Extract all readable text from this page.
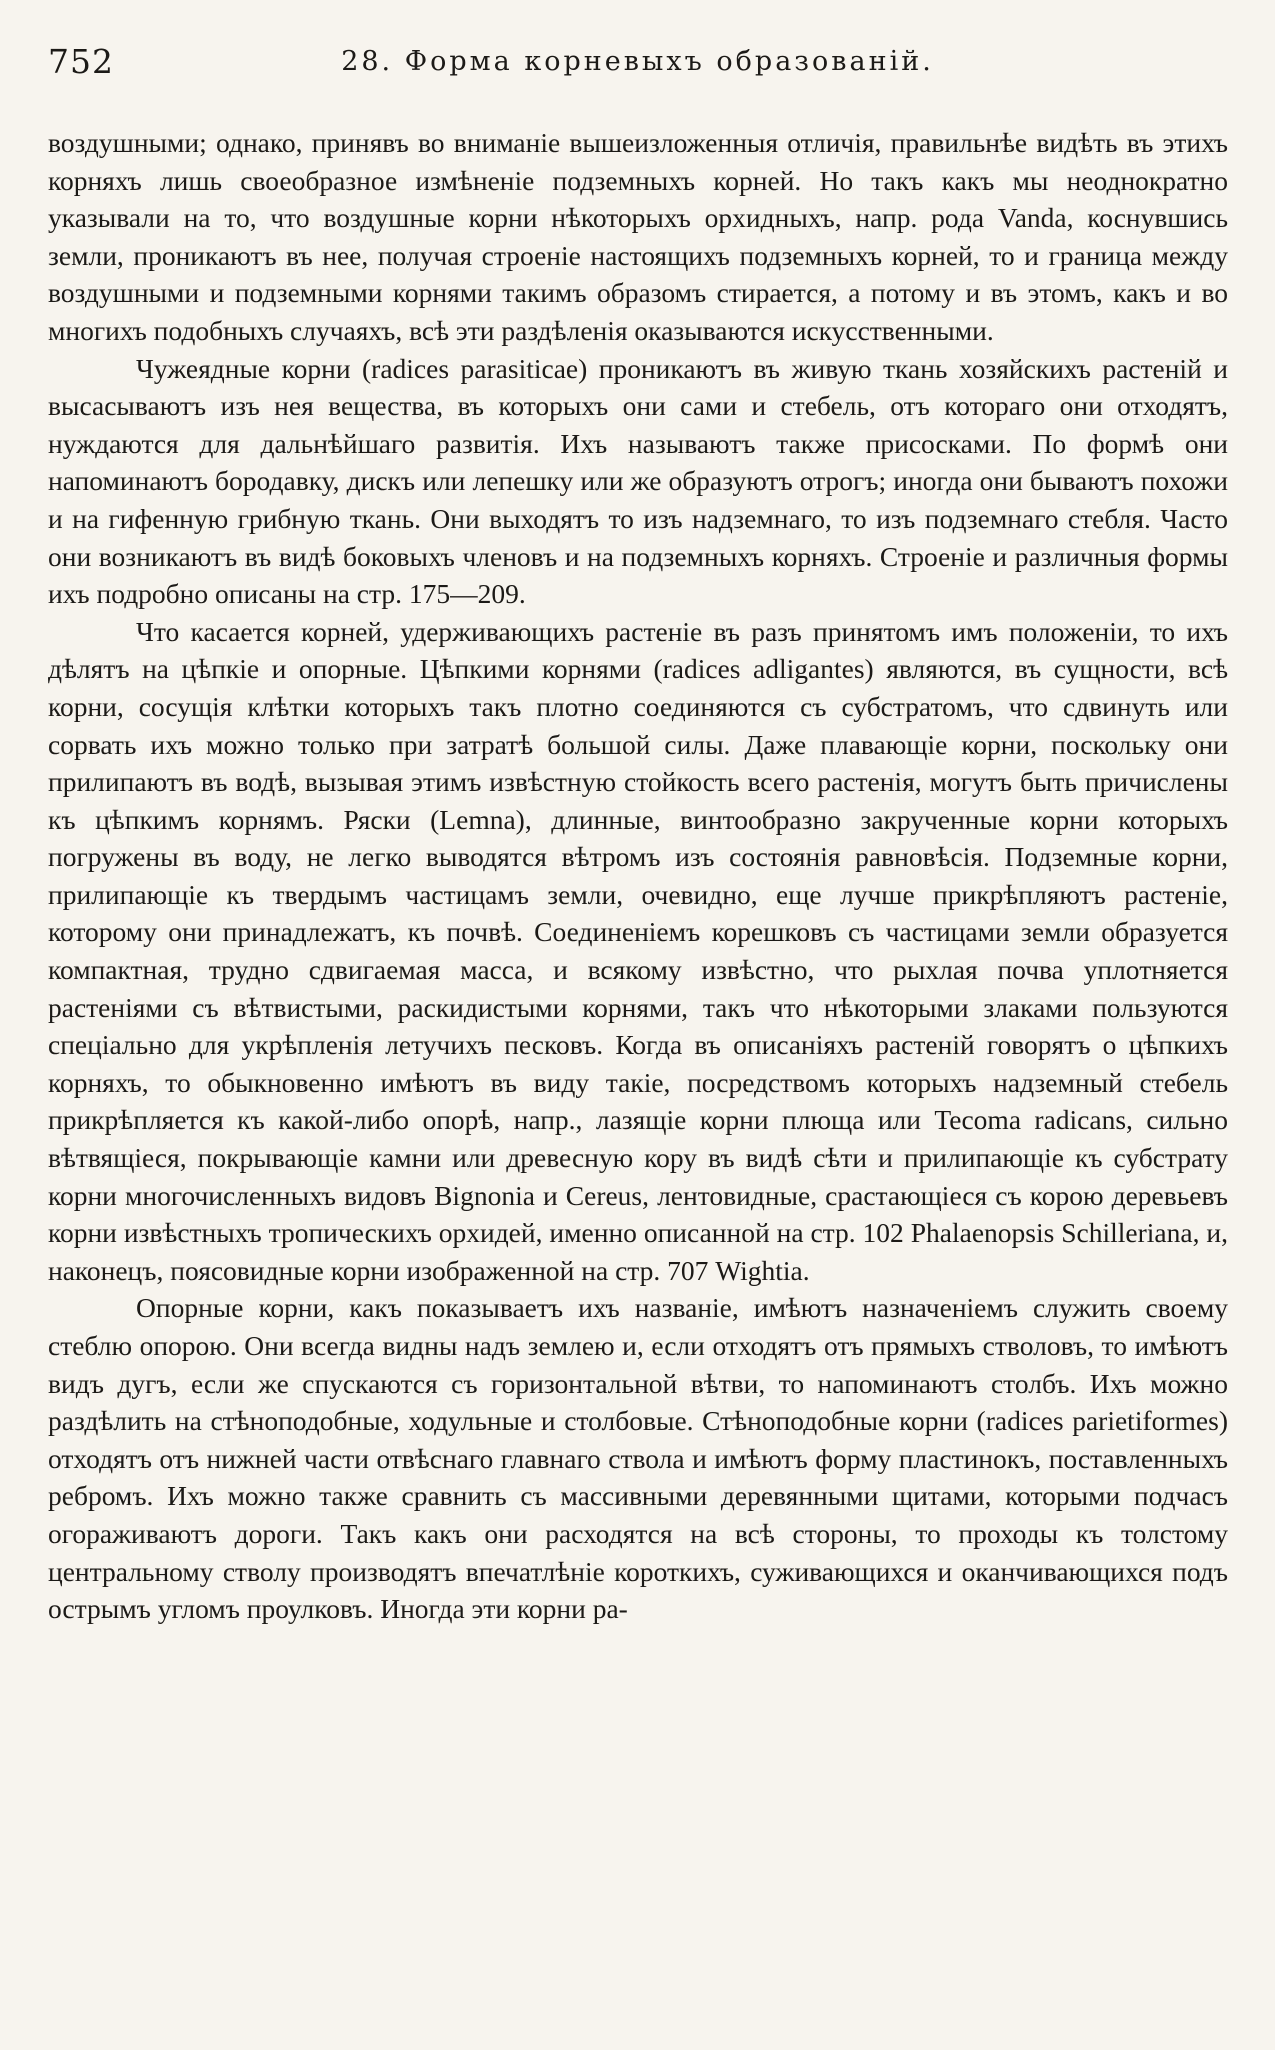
752	28. Форма корневыхъ образованій.

воздушными; однако, принявъ во вниманіе вышеизложенныя отличія, правильнѣе видѣть въ этихъ корняхъ лишь своеобразное измѣненіе подземныхъ корней. Но такъ какъ мы неоднократно указывали на то, что воздушные корни нѣкоторыхъ орхидныхъ, напр. рода Vanda, коснувшись земли, проникаютъ въ нее, получая строеніе настоящихъ подземныхъ корней, то и граница между воздушными и подземными корнями такимъ образомъ стирается, а потому и въ этомъ, какъ и во многихъ подобныхъ случаяхъ, всѣ эти раздѣленія оказываются искусственными.

Чужеядные корни (radices parasiticae) проникаютъ въ живую ткань хозяйскихъ растеній и высасываютъ изъ нея вещества, въ которыхъ они сами и стебель, отъ котораго они отходятъ, нуждаются для дальнѣйшаго развитія. Ихъ называютъ также присосками. По формѣ они напоминаютъ бородавку, дискъ или лепешку или же образуютъ отрогъ; иногда они бываютъ похожи и на гифенную грибную ткань. Они выходятъ то изъ надземнаго, то изъ подземнаго стебля. Часто они возникаютъ въ видѣ боковыхъ членовъ и на подземныхъ корняхъ. Строеніе и различныя формы ихъ подробно описаны на стр. 175—209.

Что касается корней, удерживающихъ растеніе въ разъ принятомъ имъ положеніи, то ихъ дѣлятъ на цѣпкіе и опорные. Цѣпкими корнями (radices adligantes) являются, въ сущности, всѣ корни, сосущія клѣтки которыхъ такъ плотно соединяются съ субстратомъ, что сдвинуть или сорвать ихъ можно только при затратѣ большой силы. Даже плавающіе корни, поскольку они прилипаютъ въ водѣ, вызывая этимъ извѣстную стойкость всего растенія, могутъ быть причислены къ цѣпкимъ корнямъ. Ряски (Lemna), длинные, винтообразно закрученные корни которыхъ погружены въ воду, не легко выводятся вѣтромъ изъ состоянія равновѣсія. Подземные корни, прилипающіе къ твердымъ частицамъ земли, очевидно, еще лучше прикрѣпляютъ растеніе, которому они принадлежатъ, къ почвѣ. Соединеніемъ корешковъ съ частицами земли образуется компактная, трудно сдвигаемая масса, и всякому извѣстно, что рыхлая почва уплотняется растеніями съ вѣтвистыми, раскидистыми корнями, такъ что нѣкоторыми злаками пользуются спеціально для укрѣпленія летучихъ песковъ. Когда въ описаніяхъ растеній говорятъ о цѣпкихъ корняхъ, то обыкновенно имѣютъ въ виду такіе, посредствомъ которыхъ надземный стебель прикрѣпляется къ какой-либо опорѣ, напр., лазящіе корни плюща или Tecoma radicans, сильно вѣтвящіеся, покрывающіе камни или древесную кору въ видѣ сѣти и прилипающіе къ субстрату корни многочисленныхъ видовъ Bignonia и Cereus, лентовидные, срастающіеся съ корою деревьевъ корни извѣстныхъ тропическихъ орхидей, именно описанной на стр. 102 Phalaenopsis Schilleriana, и, наконецъ, поясовидные корни изображенной на стр. 707 Wightia.

Опорные корни, какъ показываетъ ихъ названіе, имѣютъ назначеніемъ служить своему стеблю опорою. Они всегда видны надъ землею и, если отходятъ отъ прямыхъ стволовъ, то имѣютъ видъ дугъ, если же спускаются съ горизонтальной вѣтви, то напоминаютъ столбъ. Ихъ можно раздѣлить на стѣноподобные, ходульные и столбовые. Стѣноподобные корни (radices parietiformes) отходятъ отъ нижней части отвѣснаго главнаго ствола и имѣютъ форму пластинокъ, поставленныхъ ребромъ. Ихъ можно также сравнить съ массивными деревянными щитами, которыми подчасъ огораживаютъ дороги. Такъ какъ они расходятся на всѣ стороны, то проходы къ толстому центральному стволу производятъ впечатлѣніе короткихъ, суживающихся и оканчивающихся подъ острымъ угломъ проулковъ. Иногда эти корни ра-
